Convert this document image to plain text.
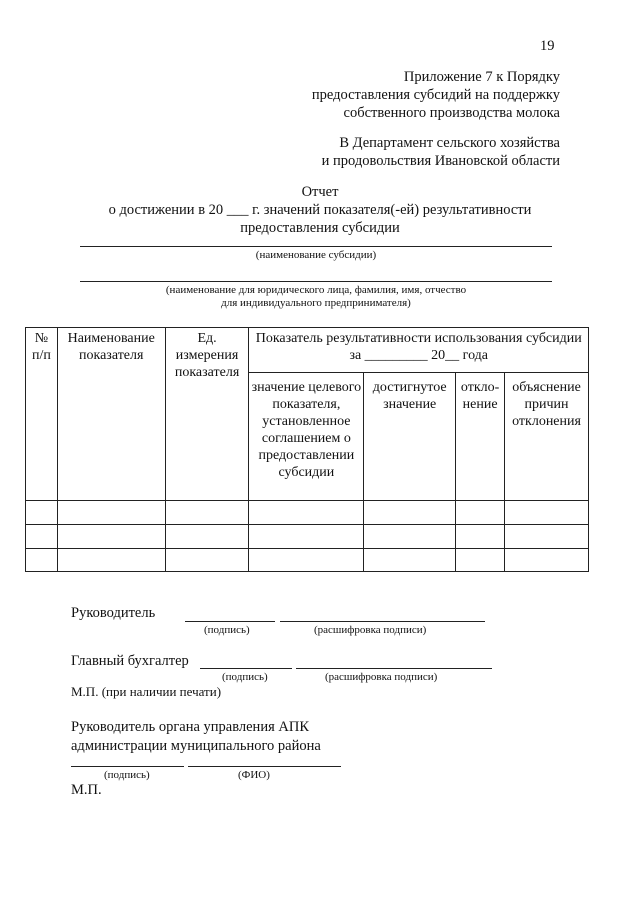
19
Приложение 7 к Порядку
предоставления субсидий на поддержку
собственного производства молока
В Департамент сельского хозяйства
и продовольствия Ивановской области
Отчет
о достижении в 20 ___ г. значений показателя(-ей) результативности
предоставления субсидии
(наименование субсидии)
(наименование для юридического лица, фамилия, имя, отчество
для индивидуального предпринимателя)
№ п/п	Наименование показателя	Ед. измерения показателя	Показатель результативности использования субсидии за _________ 20__ года			
			значение целевого показателя, установленное соглашением о предоставлении субсидии	достигнутое значение	откло- нение	объяснение причин отклонения

Руководитель
(подпись)	(расшифровка подписи)
Главный бухгалтер
(подпись)	(расшифровка подписи)
М.П. (при наличии печати)
Руководитель органа управления АПК
администрации муниципального района
(подпись)	(ФИО)
М.П.
